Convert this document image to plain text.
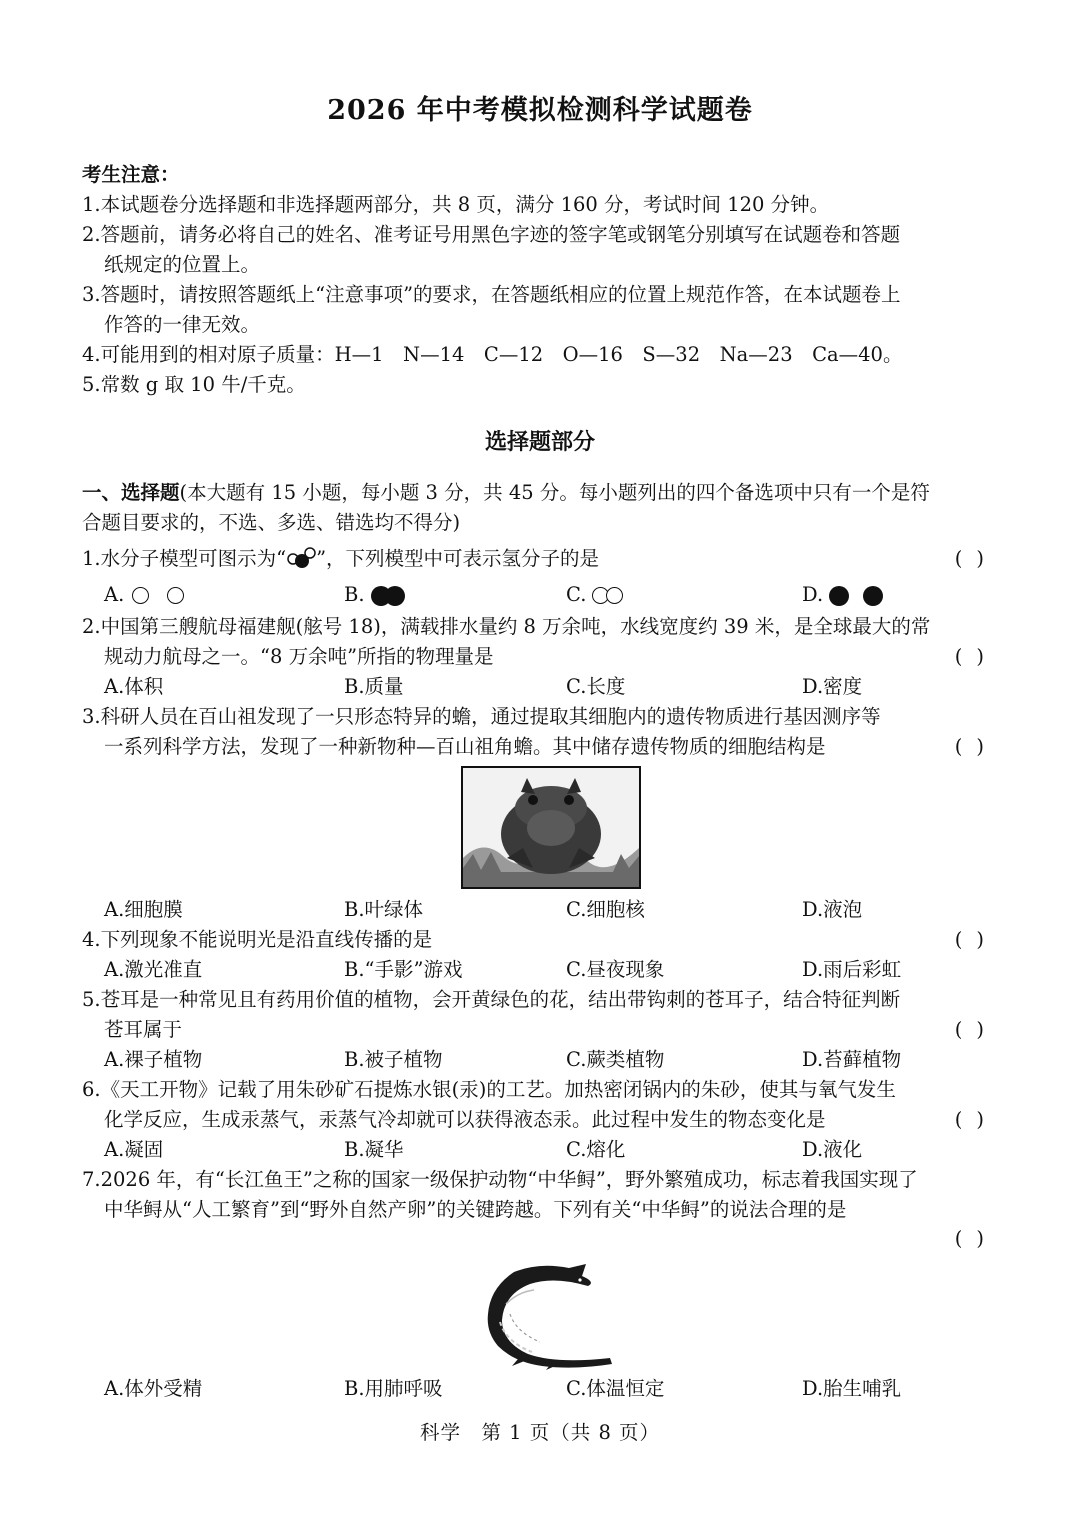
2026 年中考模拟检测科学试题卷
考生注意：
1.本试题卷分选择题和非选择题两部分，共 8 页，满分 160 分，考试时间 120 分钟。
2.答题前，请务必将自己的姓名、准考证号用黑色字迹的签字笔或钢笔分别填写在试题卷和答题
纸规定的位置上。
3.答题时，请按照答题纸上“注意事项”的要求，在答题纸相应的位置上规范作答，在本试题卷上
作答的一律无效。
4.可能用到的相对原子质量：H—1　N—14　C—12　O—16　S—32　Na—23　Ca—40。
5.常数 g 取 10 牛/千克。
选择题部分
一、选择题(本大题有 15 小题，每小题 3 分，共 45 分。每小题列出的四个备选项中只有一个是符
合题目要求的，不选、多选、错选均不得分)
1.水分子模型可图示为“ ”，下列模型中可表示氢分子的是	()
A.	B.	C.	D.
2.中国第三艘航母福建舰(舷号 18)，满载排水量约 8 万余吨，水线宽度约 39 米，是全球最大的常
规动力航母之一。“8 万余吨”所指的物理量是	()
A.体积	B.质量	C.长度	D.密度
3.科研人员在百山祖发现了一只形态特异的蟾，通过提取其细胞内的遗传物质进行基因测序等
一系列科学方法，发现了一种新物种—百山祖角蟾。其中储存遗传物质的细胞结构是	()
A.细胞膜	B.叶绿体	C.细胞核	D.液泡
4.下列现象不能说明光是沿直线传播的是	()
A.激光准直	B.“手影”游戏	C.昼夜现象	D.雨后彩虹
5.苍耳是一种常见且有药用价值的植物，会开黄绿色的花，结出带钩刺的苍耳子，结合特征判断
苍耳属于	()
A.裸子植物	B.被子植物	C.蕨类植物	D.苔藓植物
6.《天工开物》记载了用朱砂矿石提炼水银(汞)的工艺。加热密闭锅内的朱砂，使其与氧气发生
化学反应，生成汞蒸气，汞蒸气冷却就可以获得液态汞。此过程中发生的物态变化是	()
A.凝固	B.凝华	C.熔化	D.液化
7.2026 年，有“长江鱼王”之称的国家一级保护动物“中华鲟”，野外繁殖成功，标志着我国实现了
中华鲟从“人工繁育”到“野外自然产卵”的关键跨越。下列有关“中华鲟”的说法合理的是
()
A.体外受精	B.用肺呼吸	C.体温恒定	D.胎生哺乳
科学　第 1 页（共 8 页）
